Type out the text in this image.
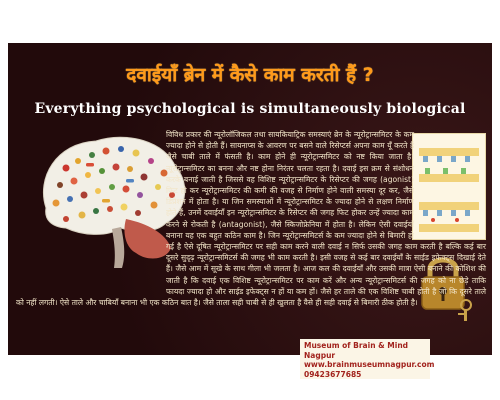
दवाईयाँ ब्रेन में कैसे काम करती हैं ?
Everything psychological is simultaneously biological
विविध प्रकार की न्यूरोलॉजिकल तथा सायकियाट्रिक समस्याएं ब्रेन के न्यूरोट्रान्समिटर के कम ज्यादा होने से होती हैं। सायनाप्स के आवरण पर बसने वाले रिसेप्टर्स अपना काम यूँ करते हैं जैसे चाबी ताले में फंसती है। काम होने ही न्यूरोट्रान्समिटर को नष्ट किया जाता है। न्यूरोट्रान्समिटर का बनना और नष्ट होना निरंतर चलता रहता है। दवाई इस क्रम से संशोधन करके बनाई जाती है जिससे वह विशिष्ट न्यूरोट्रान्समिटर के रिसेप्टर की जगह (agonist) फिट हो कर न्यूरोट्रान्समिटर की कमी की वजह से निर्माण होने वाली समस्या दूर कर, जैसे डिप्रेशन में होता है। या जिन समस्याओं में न्यूरोट्रान्समिटर के ज्यादा होने से लक्षण निर्माण होते हैं, उनमें दवाईयाँ इन न्यूरोट्रान्समिटर के रिसेप्टर की जगह फिट होकर उन्हें ज्यादा काम करने से रोकती है (antagonist), जैसे स्किजोफ्रेनिया में होता है। लेकिन ऐसी दवाईयाँ बनाना यह एक बहुत कठिन काम है। जिन न्यूरोट्रान्समिटर्स के कम ज्यादा होने से बिमारी हो गई है ऐसे दूषित न्यूरोट्रान्समिटर पर सही काम करने वाली दवाई न सिर्फ उसकी जगह काम करती है बल्कि कई बार दूसरे सुदृढ़ न्यूरोट्रान्समिटर्स की जगह भी काम करती है। इसी वजह से कई बार दवाईयाँ के साईड इफेक्ट्स दिखाई देते हैं। जैसे आम में सूखे के साथ गीला भी जलता है। आज कल की दवाईयाँ और उसकी मात्रा ऐसी बनाने की कोशिश की जाती है कि दवाई एक विशिष्ट न्यूरोट्रान्समिटर पर काम करें और अन्य न्यूरोट्रान्समिटर्स की जगह को ना छेड़े ताकि फायदा ज्यादा हो और साईड इफेक्ट्स न हों या कम हों। जैसे हर ताले की एक विशिष्ट चाबी होती है जो कि दूसरे ताले को नहीं लगती। ऐसे ताले और चाबियाँ बनाना भी एक कठिन बात है। जैसे ताला सही चाबी से ही खुलता है वैसे ही सही दवाई से बिमारी ठीक होती है।
Museum of Brain & Mind Nagpur
www.brainmuseumnagpur.com
09423677685
